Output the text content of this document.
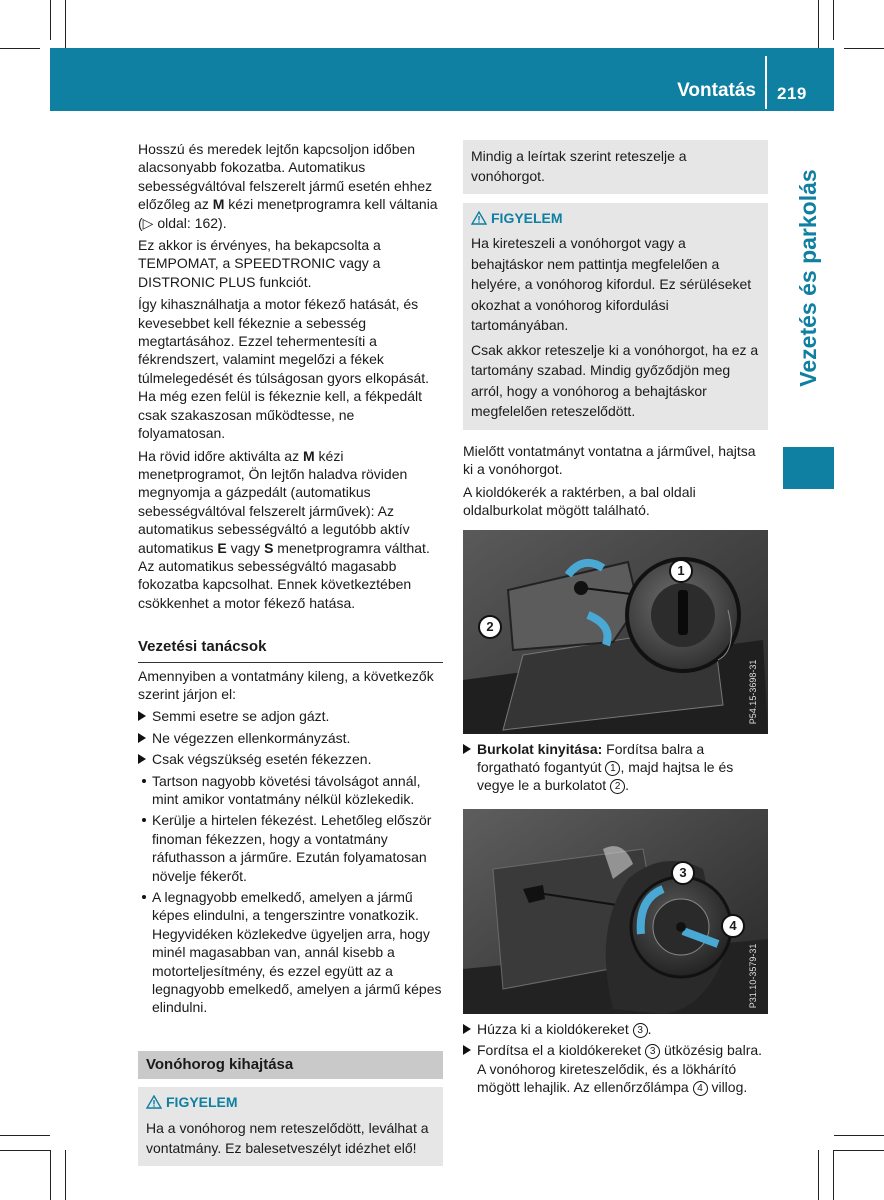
Vontatás 219
Vezetés és parkolás

Hosszú és meredek lejtőn kapcsoljon időben alacsonyabb fokozatba. Automatikus sebességváltóval felszerelt jármű esetén ehhez előzőleg az M kézi menetprogramra kell váltania (▷ oldal: 162).

Ez akkor is érvényes, ha bekapcsolta a TEMPOMAT, a SPEEDTRONIC vagy a DISTRONIC PLUS funkciót.

Így kihasználhatja a motor fékező hatását, és kevesebbet kell fékeznie a sebesség megtartásához. Ezzel tehermentesíti a fékrendszert, valamint megelőzi a fékek túlmelegedését és túlságosan gyors elkopását. Ha még ezen felül is fékeznie kell, a fékpedált csak szakaszosan működtesse, ne folyamatosan.

Ha rövid időre aktiválta az M kézi menetprogramot, Ön lejtőn haladva röviden megnyomja a gázpedált (automatikus sebességváltóval felszerelt járművek): Az automatikus sebességváltó a legutóbb aktív automatikus E vagy S menetprogramra válthat. Az automatikus sebességváltó magasabb fokozatba kapcsolhat. Ennek következtében csökkenhet a motor fékező hatása.

Vezetési tanácsok

Amennyiben a vontatmány kileng, a következők szerint járjon el:

Semmi esetre se adjon gázt.
Ne végezzen ellenkormányzást.
Csak végszükség esetén fékezzen.
Tartson nagyobb követési távolságot annál, mint amikor vontatmány nélkül közlekedik.
Kerülje a hirtelen fékezést. Lehetőleg először finoman fékezzen, hogy a vontatmány ráfuthasson a járműre. Ezután folyamatosan növelje fékerőt.
A legnagyobb emelkedő, amelyen a jármű képes elindulni, a tengerszintre vonatkozik. Hegyvidéken közlekedve ügyeljen arra, hogy minél magasabban van, annál kisebb a motorteljesítmény, és ezzel együtt az a legnagyobb emelkedő, amelyen a jármű képes elindulni.
Vonóhorog kihajtása
FIGYELEM
Ha a vonóhorog nem reteszelődött, leválhat a vontatmány. Ez balesetveszélyt idézhet elő!
Mindig a leírtak szerint reteszelje a vonóhorgot.
FIGYELEM

Ha kireteszeli a vonóhorgot vagy a behajtáskor nem pattintja megfelelően a helyére, a vonóhorog kifordul. Ez sérüléseket okozhat a vonóhorog kifordulási tartományában.

Csak akkor reteszelje ki a vonóhorgot, ha ez a tartomány szabad. Mindig győződjön meg arról, hogy a vonóhorog a behajtáskor megfelelően reteszelődött.

Mielőtt vontatmányt vontatna a járművel, hajtsa ki a vonóhorgot.

A kioldókerék a raktérben, a bal oldali oldalburkolat mögött található.

1
2
P54.15-3698-31
Burkolat kinyitása: Fordítsa balra a forgatható fogantyút 1 , majd hajtsa le és vegye le a burkolatot 2 .
3
4
P31.10-3579-31
Húzza ki a kioldókereket 3 .
Fordítsa el a kioldókereket 3 ütközésig balra.
A vonóhorog kireteszelődik, és a lökhárító mögött lehajlik. Az ellenőrzőlámpa 4 villog.
